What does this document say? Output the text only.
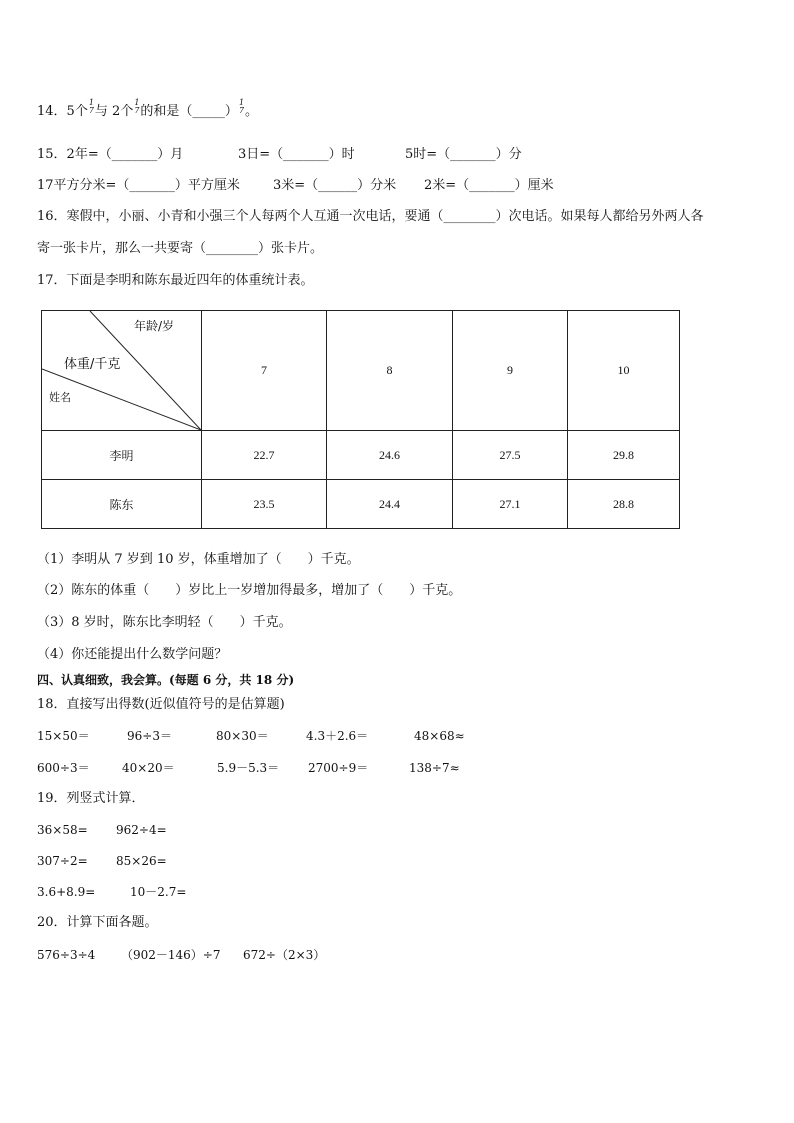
14．5个
1
7 与 2个
1
7 的和是（_____）
1
7 。
15．2年=（_______）月	3日=（_______）时	5时=（_______）分
17平方分米=（_______）平方厘米	3米=（______）分米 2米=（_______）厘米
16．寒假中，小丽、小青和小强三个人每两个人互通一次电话，要通（________）次电话。如果每人都给另外两人各
寄一张卡片，那么一共要寄（________）张卡片。
17．下面是李明和陈东最近四年的体重统计表。
年龄/岁
体重/千克
姓名	7	8	9	10
李明	22.7	24.6	27.5	29.8
陈东	23.5	24.4	27.1	28.8
（1）李明从 7 岁到 10 岁，体重增加了（　　）千克。
（2）陈东的体重（　　）岁比上一岁增加得最多，增加了（　　）千克。
（3）8 岁时，陈东比李明轻（　　）千克。
（4）你还能提出什么数学问题？
四、认真细致，我会算。(每题 6 分，共 18 分)
18．直接写出得数(近似值符号的是估算题)
15×50＝	96÷3＝	80×30＝	4.3＋2.6＝	48×68≈
600÷3＝	40×20＝	5.9－5.3＝ 2700÷9＝	138÷7≈
19．列竖式计算．
36×58= 962÷4=
307÷2= 85×26=
3.6+8.9=	10－2.7=
20．计算下面各题。
576÷3÷4 （902－146）÷7 672÷（2×3）
